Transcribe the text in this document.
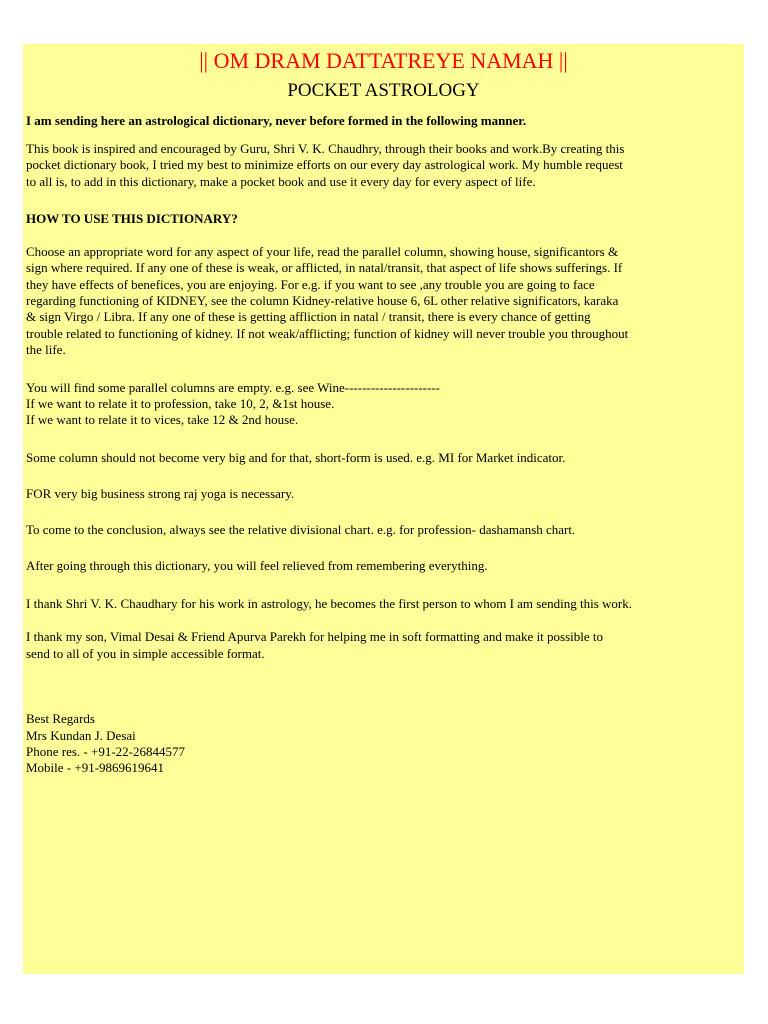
|| OM DRAM DATTATREYE NAMAH ||
POCKET ASTROLOGY
I am sending here an astrological dictionary, never before formed in the following manner.
This book is inspired and encouraged by Guru, Shri V. K. Chaudhry, through their books and work.By creating this
pocket dictionary book, I tried my best to minimize efforts on our every day astrological work. My humble request
to all is, to add in this dictionary, make a pocket book and use it every day for every aspect of life.
HOW TO USE THIS DICTIONARY?
Choose an appropriate word for any aspect of your life, read the parallel column, showing house, significantors &
sign where required. If any one of these is weak, or afflicted, in natal/transit, that aspect of life shows sufferings. If
they have effects of benefices, you are enjoying. For e.g. if you want to see ,any trouble you are going to face
regarding functioning of KIDNEY, see the column Kidney-relative house 6, 6L other relative significators, karaka
& sign Virgo / Libra. If any one of these is getting affliction in natal / transit, there is every chance of getting
trouble related to functioning of kidney. If not weak/afflicting; function of kidney will never trouble you throughout
the life.
You will find some parallel columns are empty. e.g. see Wine----------------------
If we want to relate it to profession, take 10, 2, &1st house.
If we want to relate it to vices, take 12 & 2nd house.
Some column should not become very big and for that, short-form is used. e.g. MI for Market indicator.
FOR very big business strong raj yoga is necessary.
To come to the conclusion, always see the relative divisional chart. e.g. for profession- dashamansh chart.
After going through this dictionary, you will feel relieved from remembering everything.
I thank Shri V. K. Chaudhary for his work in astrology, he becomes the first person to whom I am sending this work.
I thank my son, Vimal Desai & Friend Apurva Parekh for helping me in soft formatting and make it possible to
send to all of you in simple accessible format.
Best Regards
Mrs Kundan J. Desai
Phone res. - +91-22-26844577
Mobile - +91-9869619641
